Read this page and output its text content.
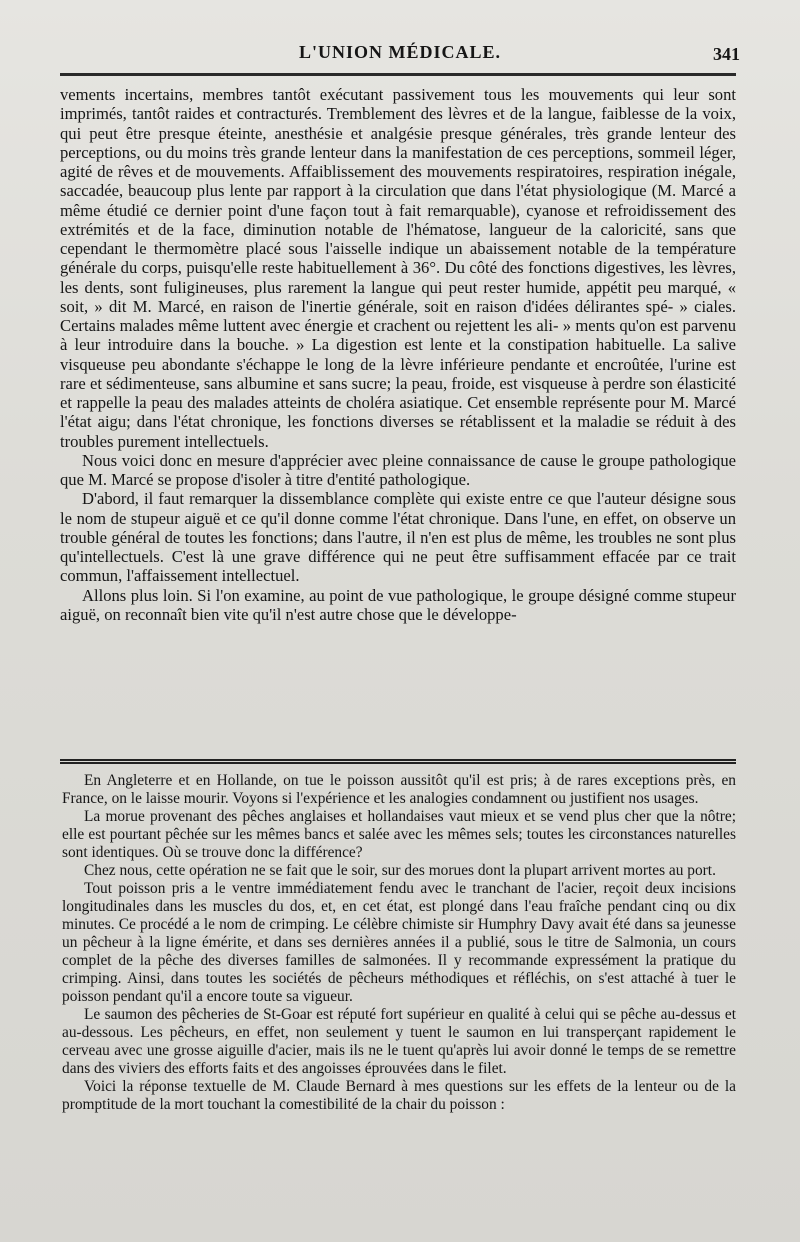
L'UNION MÉDICALE.	341

vements incertains, membres tantôt exécutant passivement tous les mouvements qui leur sont imprimés, tantôt raides et contracturés. Tremblement des lèvres et de la langue, faiblesse de la voix, qui peut être presque éteinte, anesthésie et analgésie presque générales, très grande lenteur des perceptions, ou du moins très grande lenteur dans la manifestation de ces perceptions, sommeil léger, agité de rêves et de mouvements. Affaiblissement des mouvements respiratoires, respiration inégale, saccadée, beaucoup plus lente par rapport à la circulation que dans l'état physiologique (M. Marcé a même étudié ce dernier point d'une façon tout à fait remarquable), cyanose et refroidissement des extrémités et de la face, diminution notable de l'hématose, langueur de la caloricité, sans que cependant le thermomètre placé sous l'aisselle indique un abaissement notable de la température générale du corps, puisqu'elle reste habituellement à 36°. Du côté des fonctions digestives, les lèvres, les dents, sont fuligineuses, plus rarement la langue qui peut rester humide, appétit peu marqué, « soit, » dit M. Marcé, en raison de l'inertie générale, soit en raison d'idées délirantes spé- » ciales. Certains malades même luttent avec énergie et crachent ou rejettent les ali- » ments qu'on est parvenu à leur introduire dans la bouche. » La digestion est lente et la constipation habituelle. La salive visqueuse peu abondante s'échappe le long de la lèvre inférieure pendante et encroûtée, l'urine est rare et sédimenteuse, sans albumine et sans sucre; la peau, froide, est visqueuse à perdre son élasticité et rappelle la peau des malades atteints de choléra asiatique. Cet ensemble représente pour M. Marcé l'état aigu; dans l'état chronique, les fonctions diverses se rétablissent et la maladie se réduit à des troubles purement intellectuels.

Nous voici donc en mesure d'apprécier avec pleine connaissance de cause le groupe pathologique que M. Marcé se propose d'isoler à titre d'entité pathologique.

D'abord, il faut remarquer la dissemblance complète qui existe entre ce que l'auteur désigne sous le nom de stupeur aiguë et ce qu'il donne comme l'état chronique. Dans l'une, en effet, on observe un trouble général de toutes les fonctions; dans l'autre, il n'en est plus de même, les troubles ne sont plus qu'intellectuels. C'est là une grave différence qui ne peut être suffisamment effacée par ce trait commun, l'affaissement intellectuel.

Allons plus loin. Si l'on examine, au point de vue pathologique, le groupe désigné comme stupeur aiguë, on reconnaît bien vite qu'il n'est autre chose que le développe-

En Angleterre et en Hollande, on tue le poisson aussitôt qu'il est pris; à de rares exceptions près, en France, on le laisse mourir. Voyons si l'expérience et les analogies condamnent ou justifient nos usages.

La morue provenant des pêches anglaises et hollandaises vaut mieux et se vend plus cher que la nôtre; elle est pourtant pêchée sur les mêmes bancs et salée avec les mêmes sels; toutes les circonstances naturelles sont identiques. Où se trouve donc la différence?

Chez nous, cette opération ne se fait que le soir, sur des morues dont la plupart arrivent mortes au port.

Tout poisson pris a le ventre immédiatement fendu avec le tranchant de l'acier, reçoit deux incisions longitudinales dans les muscles du dos, et, en cet état, est plongé dans l'eau fraîche pendant cinq ou dix minutes. Ce procédé a le nom de crimping. Le célèbre chimiste sir Humphry Davy avait été dans sa jeunesse un pêcheur à la ligne émérite, et dans ses dernières années il a publié, sous le titre de Salmonia, un cours complet de la pêche des diverses familles de salmonées. Il y recommande expressément la pratique du crimping. Ainsi, dans toutes les sociétés de pêcheurs méthodiques et réfléchis, on s'est attaché à tuer le poisson pendant qu'il a encore toute sa vigueur.

Le saumon des pêcheries de St-Goar est réputé fort supérieur en qualité à celui qui se pêche au-dessus et au-dessous. Les pêcheurs, en effet, non seulement y tuent le saumon en lui transperçant rapidement le cerveau avec une grosse aiguille d'acier, mais ils ne le tuent qu'après lui avoir donné le temps de se remettre dans des viviers des efforts faits et des angoisses éprouvées dans le filet.

Voici la réponse textuelle de M. Claude Bernard à mes questions sur les effets de la lenteur ou de la promptitude de la mort touchant la comestibilité de la chair du poisson :
